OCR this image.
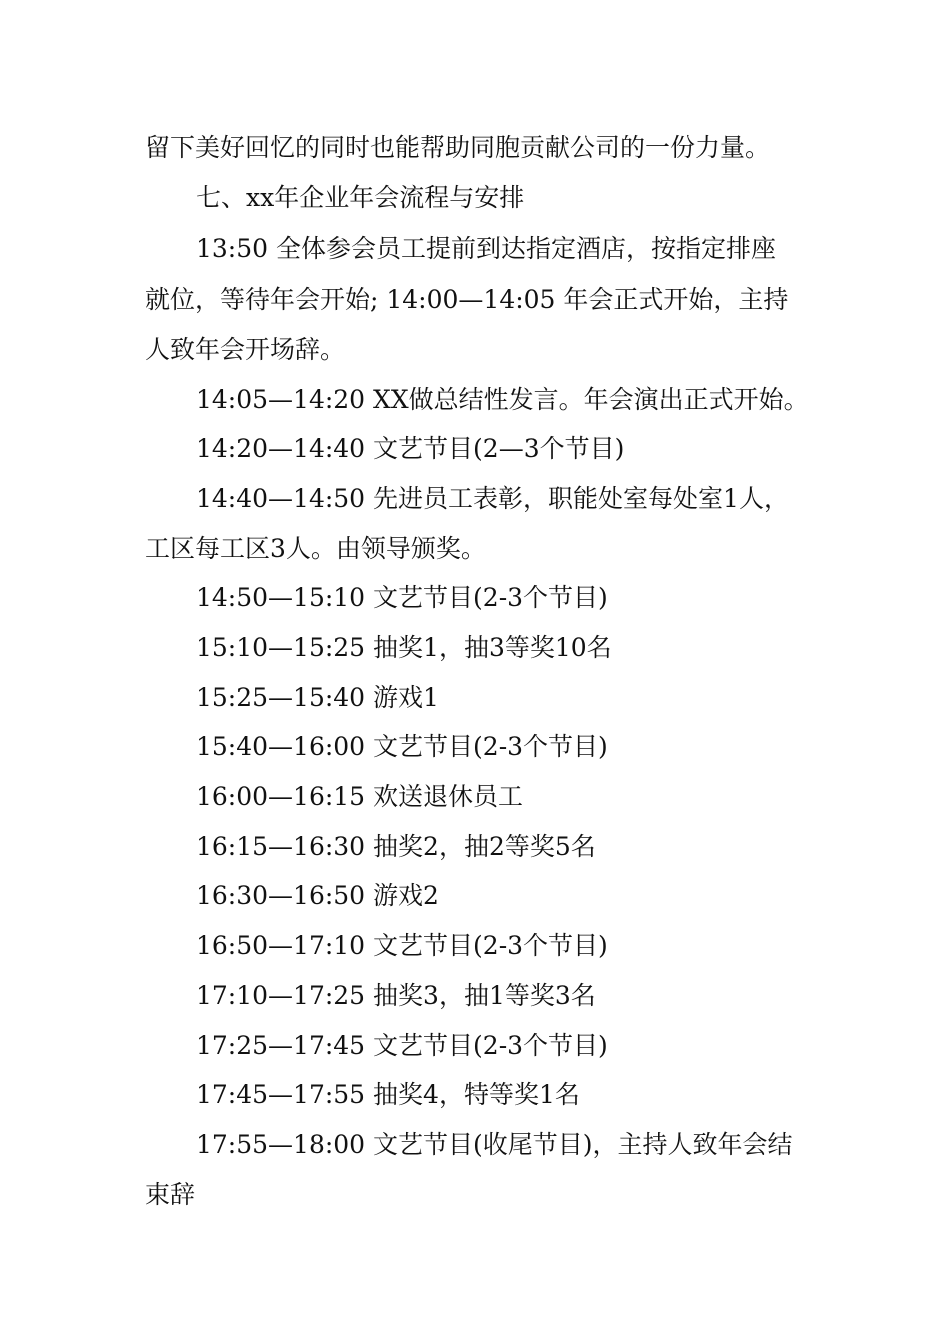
留下美好回忆的同时也能帮助同胞贡献公司的一份力量。
七、xx年企业年会流程与安排
13:50 全体参会员工提前到达指定酒店，按指定排座
就位，等待年会开始; 14:00—14:05 年会正式开始，主持
人致年会开场辞。
14:05—14:20 XX做总结性发言。年会演出正式开始。
14:20—14:40 文艺节目(2—3个节目)
14:40—14:50 先进员工表彰，职能处室每处室1人，
工区每工区3人。由领导颁奖。
14:50—15:10 文艺节目(2-3个节目)
15:10—15:25 抽奖1，抽3等奖10名
15:25—15:40 游戏1
15:40—16:00 文艺节目(2-3个节目)
16:00—16:15 欢送退休员工
16:15—16:30 抽奖2，抽2等奖5名
16:30—16:50 游戏2
16:50—17:10 文艺节目(2-3个节目)
17:10—17:25 抽奖3，抽1等奖3名
17:25—17:45 文艺节目(2-3个节目)
17:45—17:55 抽奖4，特等奖1名
17:55—18:00 文艺节目(收尾节目)，主持人致年会结
束辞
